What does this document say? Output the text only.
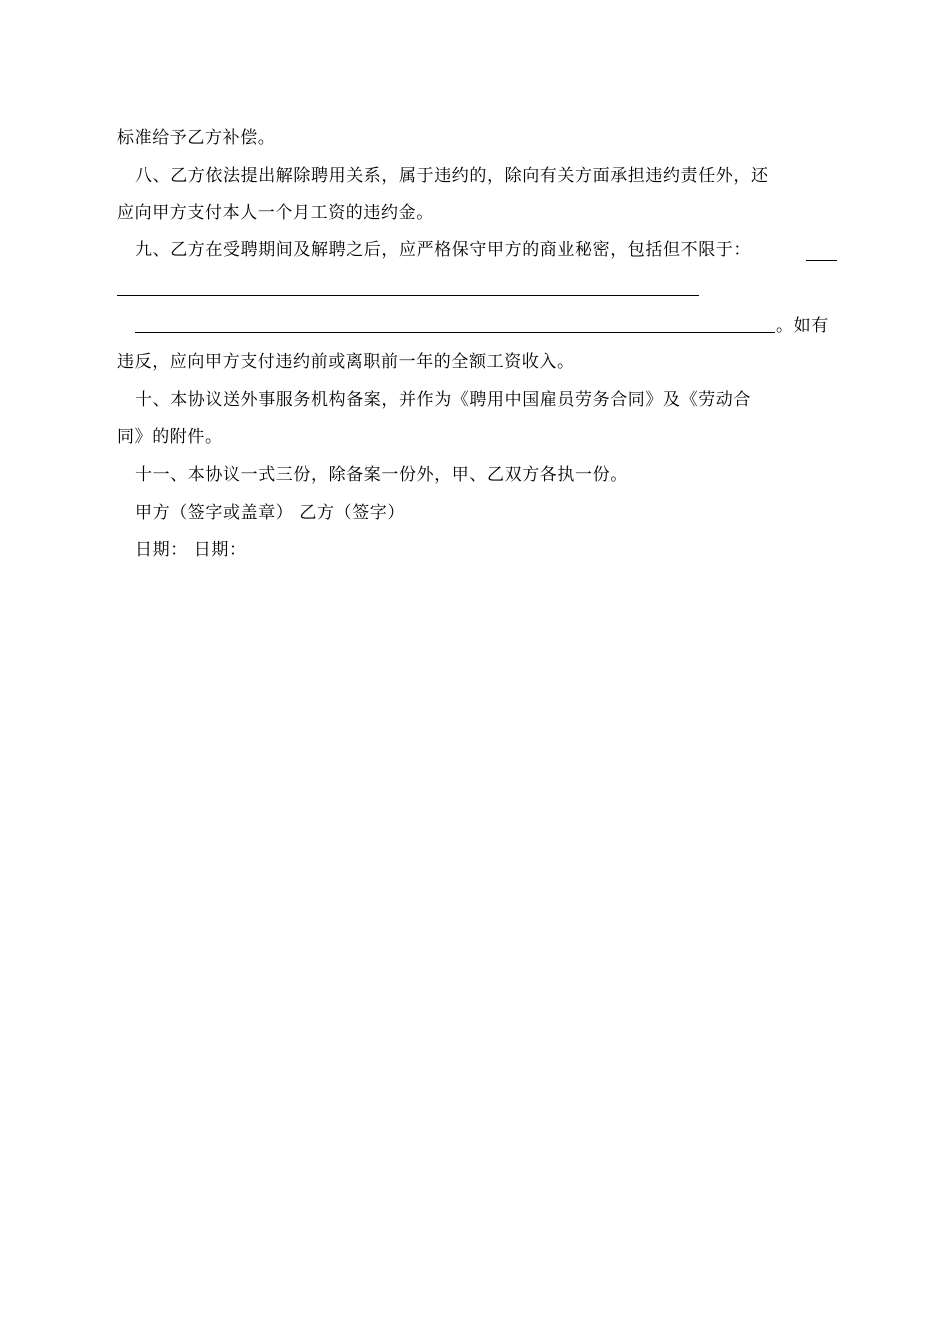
标准给予乙方补偿。
八、乙方依法提出解除聘用关系，属于违约的，除向有关方面承担违约责任外，还
应向甲方支付本人一个月工资的违约金。
九、乙方在受聘期间及解聘之后，应严格保守甲方的商业秘密，包括但不限于：
。如有
违反，应向甲方支付违约前或离职前一年的全额工资收入。
十、本协议送外事服务机构备案，并作为《聘用中国雇员劳务合同》及《劳动合
同》的附件。
十一、本协议一式三份，除备案一份外，甲、乙双方各执一份。
甲方（签字或盖章） 乙方（签字）
日期： 日期：
